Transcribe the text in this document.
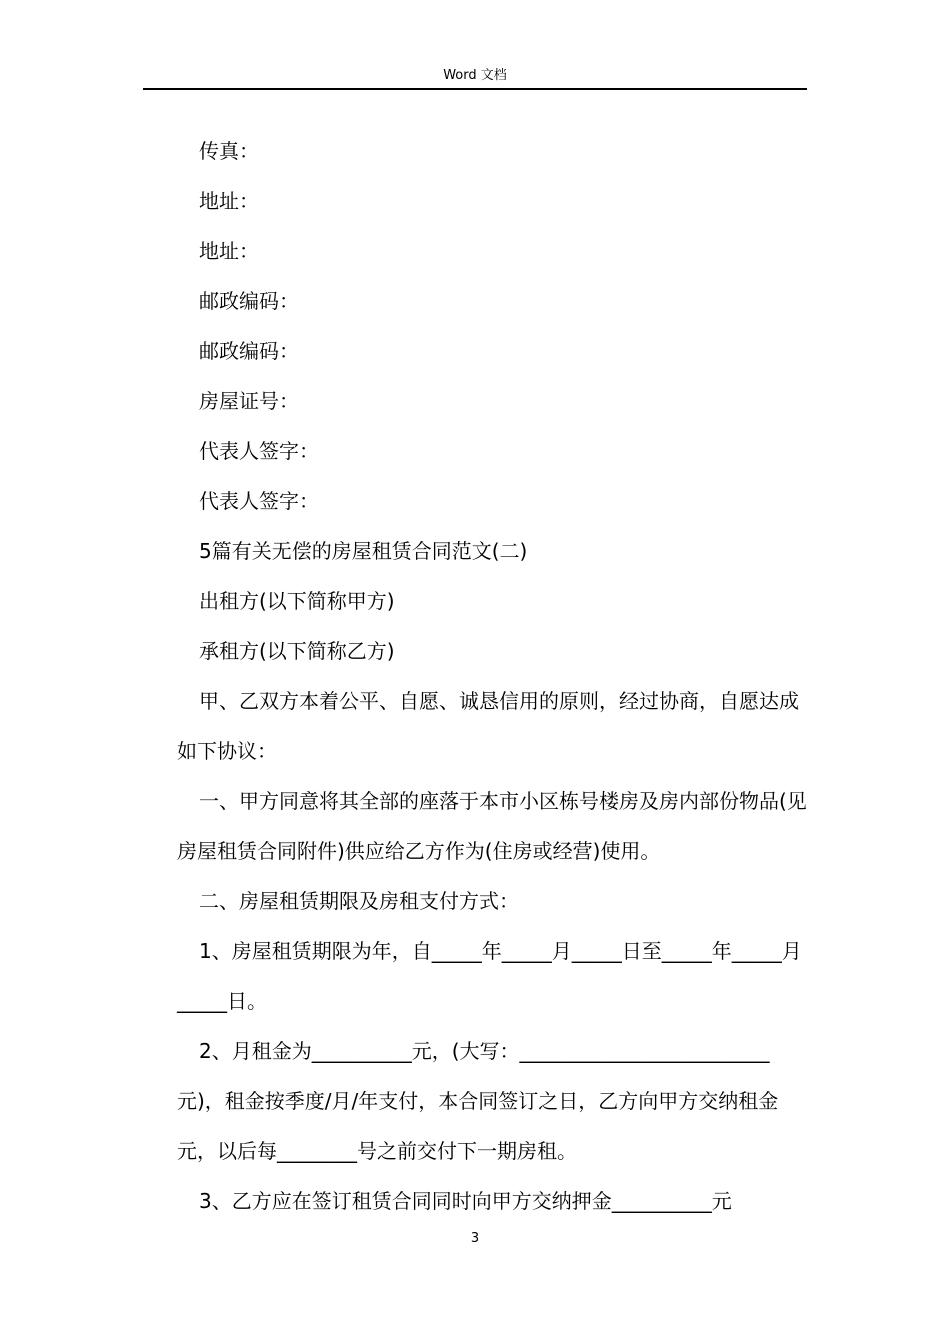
Word 文档

传真：

地址：

地址：

邮政编码：

邮政编码：

房屋证号：

代表人签字：

代表人签字：

5篇有关无偿的房屋租赁合同范文(二)

出租方(以下简称甲方)

承租方(以下简称乙方)

甲、乙双方本着公平、自愿、诚恳信用的原则，经过协商，自愿达成如下协议：

一、甲方同意将其全部的座落于本市小区栋号楼房及房内部份物品(见房屋租赁合同附件)供应给乙方作为(住房或经营)使用。

二、房屋租赁期限及房租支付方式：

1、房屋租赁期限为年，自_____年_____月_____日至_____年_____月_____日。

2、月租金为__________元，(大写：_________________________元)，租金按季度/月/年支付，本合同签订之日，乙方向甲方交纳租金元，以后每________号之前交付下一期房租。

3、乙方应在签订租赁合同同时向甲方交纳押金__________元

3
